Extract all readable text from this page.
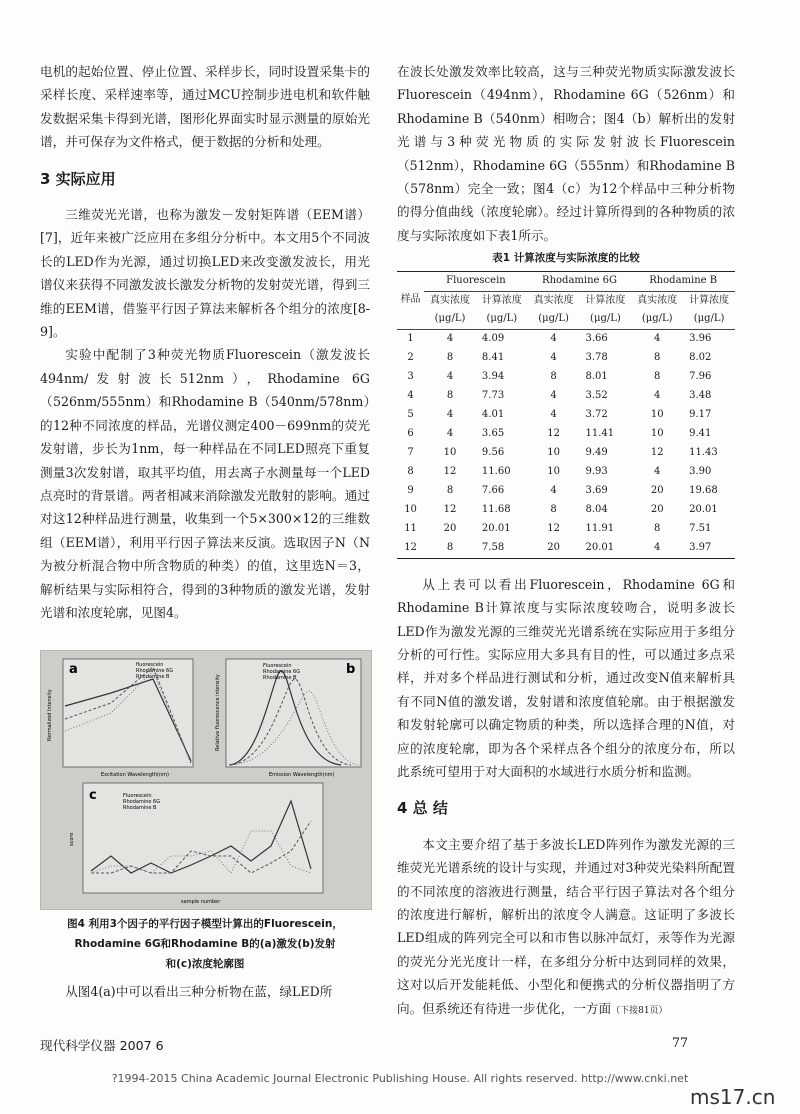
电机的起始位置、停止位置、采样步长，同时设置采集卡的采样长度、采样速率等，通过MCU控制步进电机和软件触发数据采集卡得到光谱，图形化界面实时显示测量的原始光谱，并可保存为文件格式，便于数据的分析和处理。

3 实际应用

三维荧光光谱，也称为激发－发射矩阵谱（EEM谱）[7]，近年来被广泛应用在多组分分析中。本文用5个不同波长的LED作为光源，通过切换LED来改变激发波长，用光谱仪来获得不同激发波长激发分析物的发射荧光谱，得到三维的EEM谱，借鉴平行因子算法来解析各个组分的浓度[8-9]。

实验中配制了3种荧光物质Fluorescein（激发波长494nm/发射波长512nm），Rhodamine 6G（526nm/555nm）和Rhodamine B（540nm/578nm）的12种不同浓度的样品，光谱仪测定400－699nm的荧光发射谱，步长为1nm，每一种样品在不同LED照亮下重复测量3次发射谱，取其平均值，用去离子水测量每一个LED点亮时的背景谱。两者相减来消除激发光散射的影响。通过对这12种样品进行测量，收集到一个5×300×12的三维数组（EEM谱），利用平行因子算法来反演。选取因子N（N为被分析混合物中所含物质的种类）的值，这里选N＝3，解析结果与实际相符合，得到的3种物质的激发光谱，发射光谱和浓度轮廓，见图4。

a	fluorescein
Rhodamine 6G
Rhodamine B
Excitation Wavelength(nm)
Normalized Intensity
b
Fluorescein
Rhodamine 6G
Rhodamine B
Emission Wavelength(nm)
Relative fluorescence intensity
c	Fluorescein
Rhodamine 6G
Rhodamine B
sample number
score

图4 利用3个因子的平行因子模型计算出的Fluorescein，

Rhodamine 6G和Rhodamine B的(a)激发(b)发射

和(c)浓度轮廓图

从图4(a)中可以看出三种分析物在蓝，绿LED所

在波长处激发效率比较高，这与三种荧光物质实际激发波长Fluorescein（494nm），Rhodamine 6G（526nm）和Rhodamine B（540nm）相吻合；图4（b）解析出的发射光谱与3种荧光物质的实际发射波长Fluorescein（512nm），Rhodamine 6G（555nm）和Rhodamine B（578nm）完全一致；图4（c）为12个样品中三种分析物的得分值曲线（浓度轮廓）。经过计算所得到的各种物质的浓度与实际浓度如下表1所示。

表1 计算浓度与实际浓度的比较
样品	Fluorescein		Rhodamine 6G		Rhodamine B	
	真实浓度	计算浓度	真实浓度	计算浓度	真实浓度	计算浓度
	(μg/L)	(μg/L)	(μg/L)	(μg/L)	(μg/L)	(μg/L)
1	4	4.09	4	3.66	4	3.96
2	8	8.41	4	3.78	8	8.02
3	4	3.94	8	8.01	8	7.96
4	8	7.73	4	3.52	4	3.48
5	4	4.01	4	3.72	10	9.17
6	4	3.65	12	11.41	10	9.41
7	10	9.56	10	9.49	12	11.43
8	12	11.60	10	9.93	4	3.90
9	8	7.66	4	3.69	20	19.68
10	12	11.68	8	8.04	20	20.01
11	20	20.01	12	11.91	8	7.51
12	8	7.58	20	20.01	4	3.97

从上表可以看出Fluorescein，Rhodamine 6G和Rhodamine B计算浓度与实际浓度较吻合，说明多波长LED作为激发光源的三维荧光光谱系统在实际应用于多组分分析的可行性。实际应用大多具有目的性，可以通过多点采样，并对多个样品进行测试和分析，通过改变N值来解析具有不同N值的激发谱，发射谱和浓度值轮廓。由于根据激发和发射轮廓可以确定物质的种类，所以选择合理的N值，对应的浓度轮廓，即为各个采样点各个组分的浓度分布，所以此系统可望用于对大面积的水域进行水质分析和监测。

4 总 结

本文主要介绍了基于多波长LED阵列作为激发光源的三维荧光光谱系统的设计与实现，并通过对3种荧光染料所配置的不同浓度的溶液进行测量，结合平行因子算法对各个组分的浓度进行解析，解析出的浓度令人满意。这证明了多波长LED组成的阵列完全可以和市售以脉冲氙灯，汞等作为光源的荧光分光光度计一样，在多组分分析中达到同样的效果，这对以后开发能耗低、小型化和便携式的分析仪器指明了方向。但系统还有待进一步优化，一方面（下接81页）

现代科学仪器 2007 6	77
?1994-2015 China Academic Journal Electronic Publishing House. All rights reserved. http://www.cnki.net
ms17.cn
